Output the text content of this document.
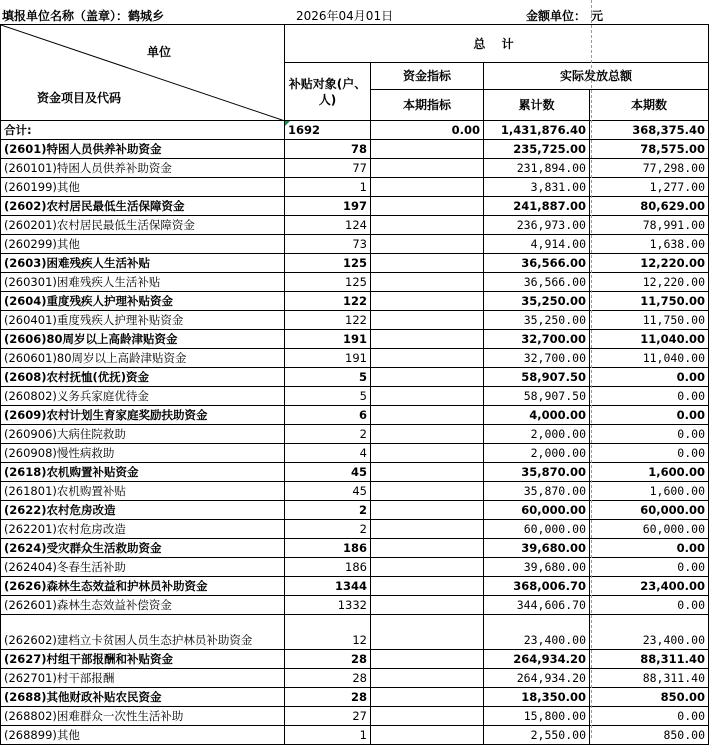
填报单位名称（盖章）：鹤城乡	2026年04月01日	金额单位： 元
单位
资金项目及代码	总 计			
	补贴对象(户、人)	资金指标	实际发放总额	
		本期指标	累计数	本期数
合计:	1692	0.00	1,431,876.40	368,375.40
(2601)特困人员供养补助资金	78		235,725.00	78,575.00
(260101)特困人员供养补助资金	77		231,894.00	77,298.00
(260199)其他	1		3,831.00	1,277.00
(2602)农村居民最低生活保障资金	197		241,887.00	80,629.00
(260201)农村居民最低生活保障资金	124		236,973.00	78,991.00
(260299)其他	73		4,914.00	1,638.00
(2603)困难残疾人生活补贴	125		36,566.00	12,220.00
(260301)困难残疾人生活补贴	125		36,566.00	12,220.00
(2604)重度残疾人护理补贴资金	122		35,250.00	11,750.00
(260401)重度残疾人护理补贴资金	122		35,250.00	11,750.00
(2606)80周岁以上高龄津贴资金	191		32,700.00	11,040.00
(260601)80周岁以上高龄津贴资金	191		32,700.00	11,040.00
(2608)农村抚恤(优抚)资金	5		58,907.50	0.00
(260802)义务兵家庭优待金	5		58,907.50	0.00
(2609)农村计划生育家庭奖励扶助资金	6		4,000.00	0.00
(260906)大病住院救助	2		2,000.00	0.00
(260908)慢性病救助	4		2,000.00	0.00
(2618)农机购置补贴资金	45		35,870.00	1,600.00
(261801)农机购置补贴	45		35,870.00	1,600.00
(2622)农村危房改造	2		60,000.00	60,000.00
(262201)农村危房改造	2		60,000.00	60,000.00
(2624)受灾群众生活救助资金	186		39,680.00	0.00
(262404)冬春生活补助	186		39,680.00	0.00
(2626)森林生态效益和护林员补助资金	1344		368,006.70	23,400.00
(262601)森林生态效益补偿资金	1332		344,606.70	0.00
(262602)建档立卡贫困人员生态护林员补助资金	12		23,400.00	23,400.00
(2627)村组干部报酬和补贴资金	28		264,934.20	88,311.40
(262701)村干部报酬	28		264,934.20	88,311.40
(2688)其他财政补贴农民资金	28		18,350.00	850.00
(268802)困难群众一次性生活补助	27		15,800.00	0.00
(268899)其他	1		2,550.00	850.00
